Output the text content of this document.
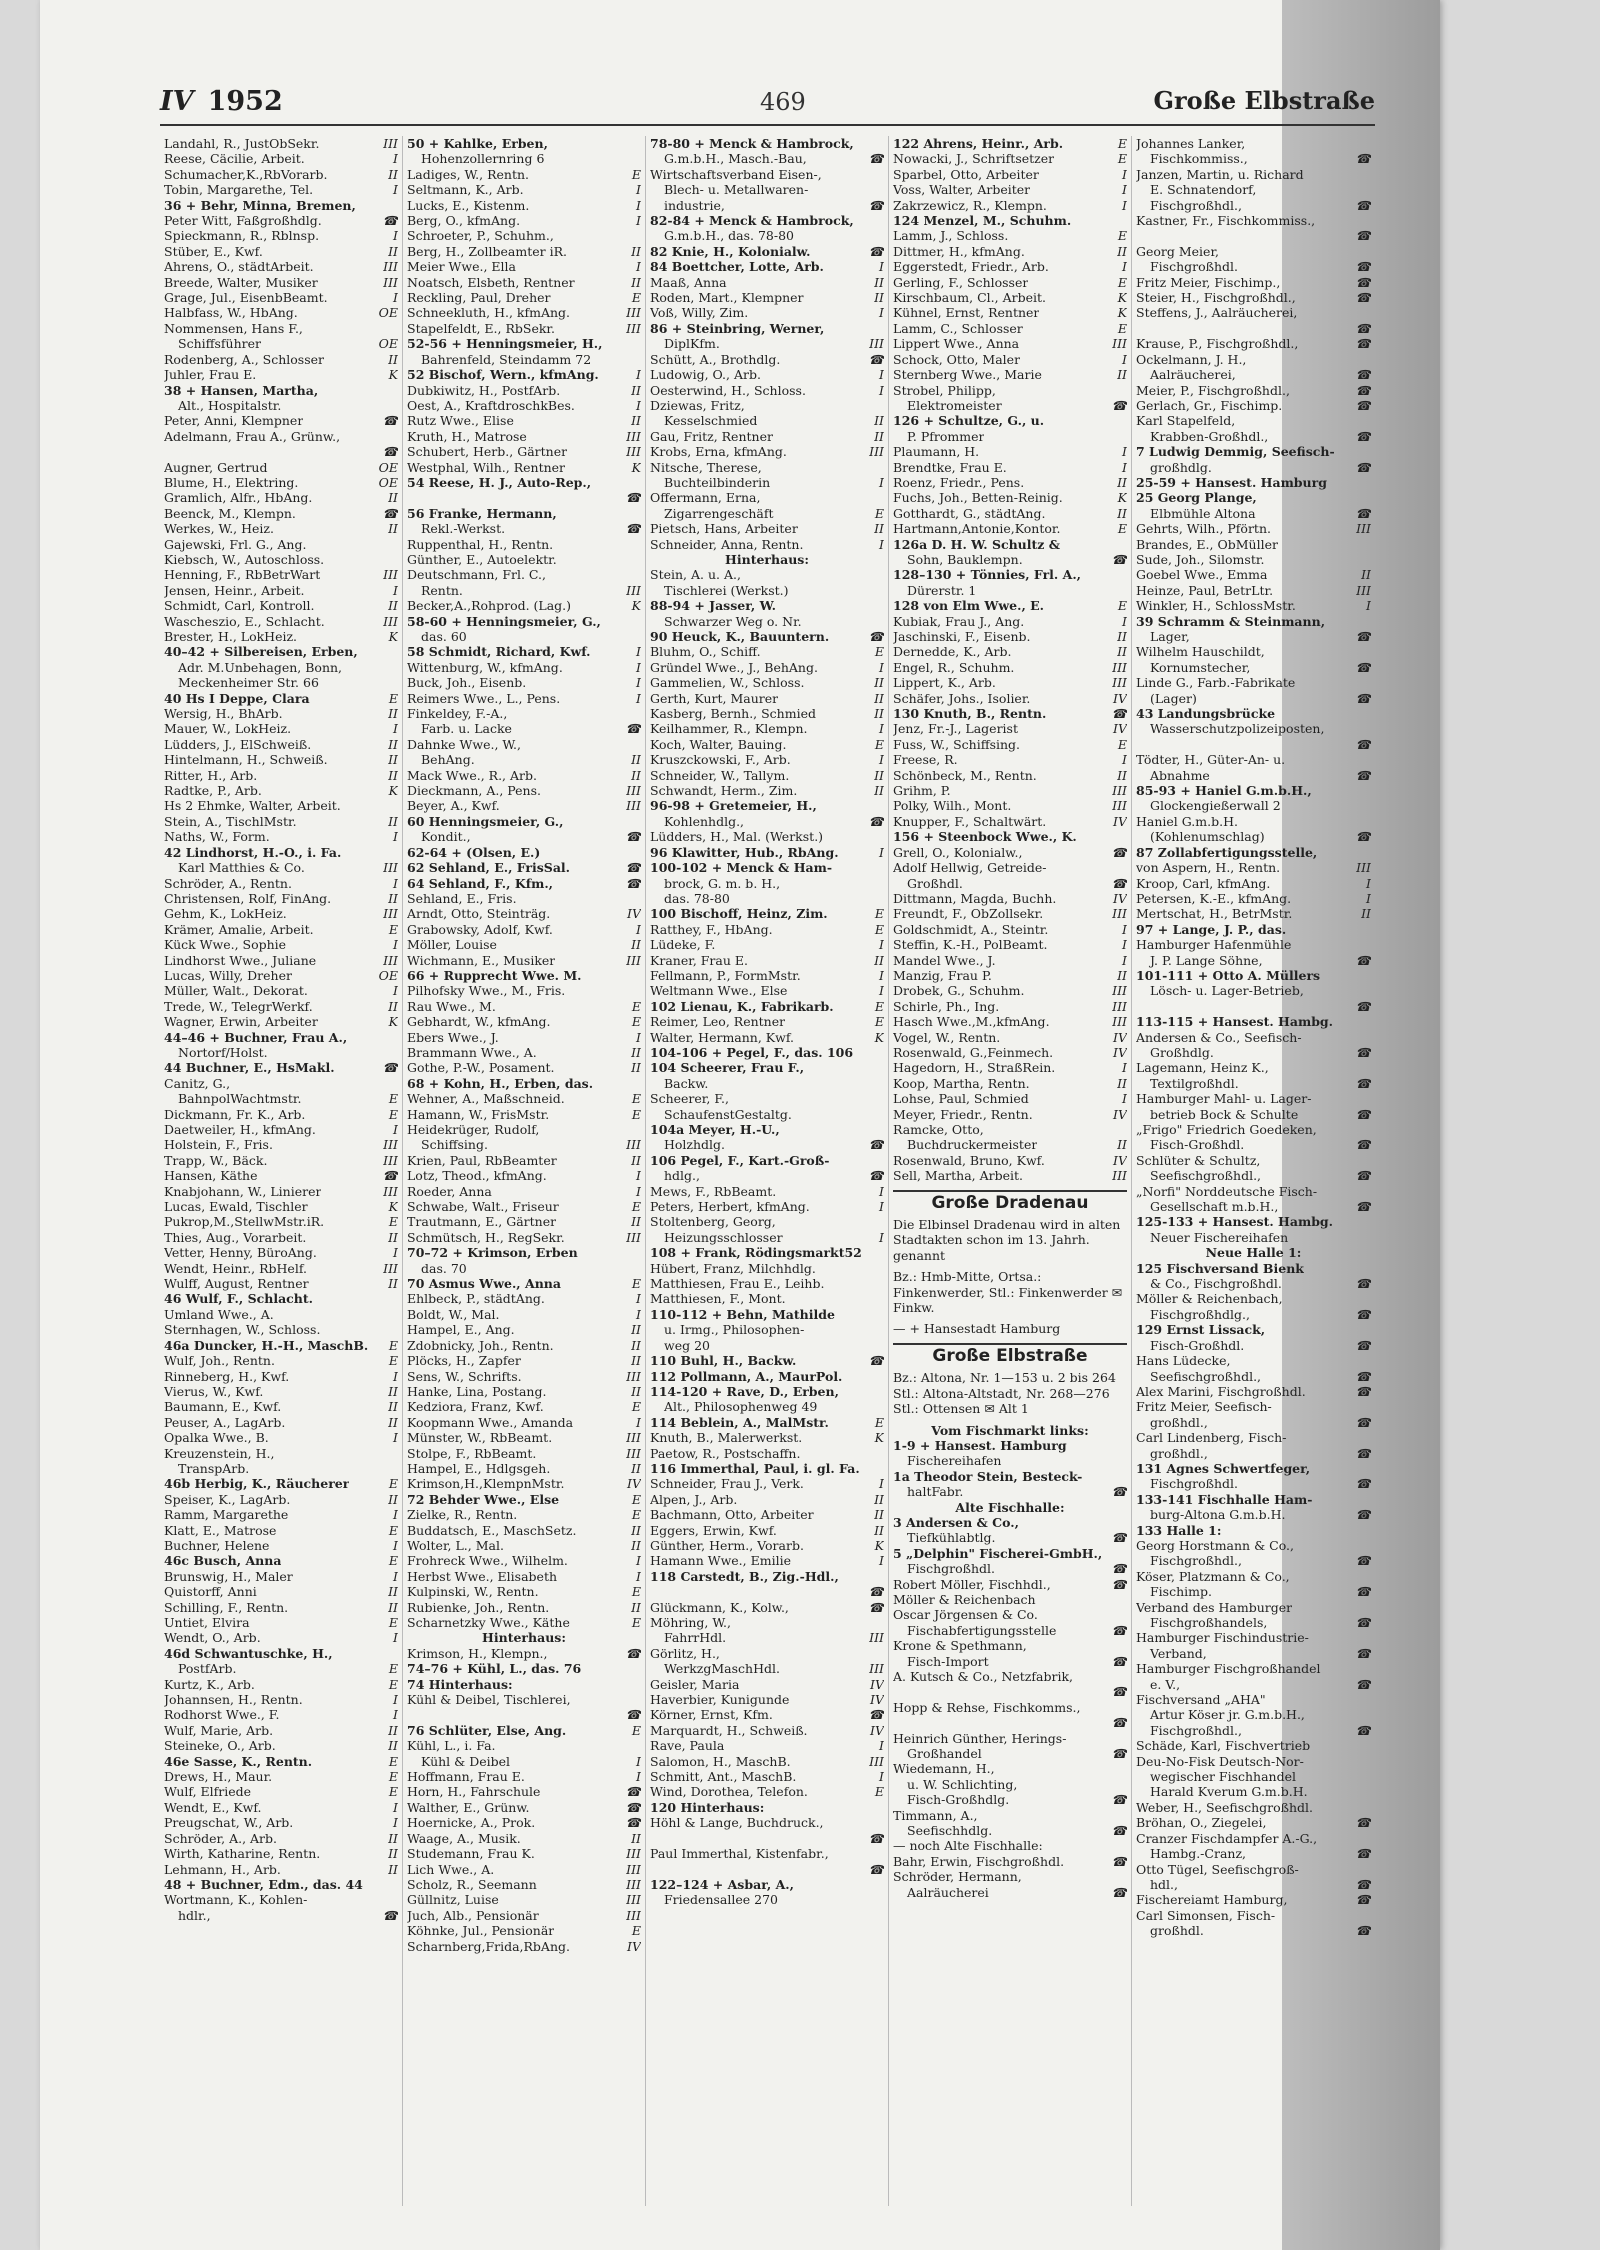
IV 1952	469	Große Elbstraße
Landahl, R., JustObSekr.	III
Reese, Cäcilie, Arbeit.	I
Schumacher,K.,RbVorarb.	II
Tobin, Margarethe, Tel.	I
36 + Behr, Minna, Bremen,
Peter Witt, Faßgroßhdlg.	☎
Spieckmann, R., Rblnsp.	I
Stüber, E., Kwf.	II
Ahrens, O., städtArbeit.	III
Breede, Walter, Musiker	III
Grage, Jul., EisenbBeamt.	I
Halbfass, W., HbAng.	OE
Nommensen, Hans F.,
Schiffsführer	OE
Rodenberg, A., Schlosser	II
Juhler, Frau E.	K
38 + Hansen, Martha,
Alt., Hospitalstr.
Peter, Anni, Klempner	☎
Adelmann, Frau A., Grünw.,
☎
Augner, Gertrud	OE
Blume, H., Elektring.	OE
Gramlich, Alfr., HbAng.	II
Beenck, M., Klempn.	☎
Werkes, W., Heiz.	II
Gajewski, Frl. G., Ang.
Kiebsch, W., Autoschloss.
Henning, F., RbBetrWart	III
Jensen, Heinr., Arbeit.	I
Schmidt, Carl, Kontroll.	II
Wascheszio, E., Schlacht.	III
Brester, H., LokHeiz.	K
40–42 + Silbereisen, Erben,
Adr. M.Unbehagen, Bonn,
Meckenheimer Str. 66
40 Hs I Deppe, Clara	E
Wersig, H., BhArb.	II
Mauer, W., LokHeiz.	I
Lüdders, J., ElSchweiß.	II
Hintelmann, H., Schweiß.	II
Ritter, H., Arb.	II
Radtke, P., Arb.	K
Hs 2 Ehmke, Walter, Arbeit.
Stein, A., TischlMstr.	II
Naths, W., Form.	I
42 Lindhorst, H.-O., i. Fa.
Karl Matthies & Co.	III
Schröder, A., Rentn.	I
Christensen, Rolf, FinAng.	II
Gehm, K., LokHeiz.	III
Krämer, Amalie, Arbeit.	E
Kück Wwe., Sophie	I
Lindhorst Wwe., Juliane	III
Lucas, Willy, Dreher	OE
Müller, Walt., Dekorat.	I
Trede, W., TelegrWerkf.	II
Wagner, Erwin, Arbeiter	K
44–46 + Buchner, Frau A.,
Nortorf/Holst.
44 Buchner, E., HsMakl.	☎
Canitz, G.,
BahnpolWachtmstr.	E
Dickmann, Fr. K., Arb.	E
Daetweiler, H., kfmAng.	I
Holstein, F., Fris.	III
Trapp, W., Bäck.	III
Hansen, Käthe	☎
Knabjohann, W., Linierer	III
Lucas, Ewald, Tischler	K
Pukrop,M.,StellwMstr.iR.	E
Thies, Aug., Vorarbeit.	II
Vetter, Henny, BüroAng.	I
Wendt, Heinr., RbHelf.	III
Wulff, August, Rentner	II
46 Wulf, F., Schlacht.
Umland Wwe., A.
Sternhagen, W., Schloss.
46a Duncker, H.-H., MaschB. E
Wulf, Joh., Rentn.	E
Rinneberg, H., Kwf.	I
Vierus, W., Kwf.	II
Baumann, E., Kwf.	II
Peuser, A., LagArb.	II
Opalka Wwe., B.	I
Kreuzenstein, H.,
TranspArb.
46b Herbig, K., Räucherer	E
Speiser, K., LagArb.	II
Ramm, Margarethe	I
Klatt, E., Matrose	E
Buchner, Helene	I
46c Busch, Anna	E
Brunswig, H., Maler	I
Quistorff, Anni	II
Schilling, F., Rentn.	II
Untiet, Elvira	E
Wendt, O., Arb.	I
46d Schwantuschke, H.,
PostfArb.	E
Kurtz, K., Arb.	E
Johannsen, H., Rentn.	I
Rodhorst Wwe., F.	I
Wulf, Marie, Arb.	II
Steineke, O., Arb.	II
46e Sasse, K., Rentn.	E
Drews, H., Maur.	E
Wulf, Elfriede	E
Wendt, E., Kwf.	I
Preugschat, W., Arb.	I
Schröder, A., Arb.	II
Wirth, Katharine, Rentn.	II
Lehmann, H., Arb.	II
48 + Buchner, Edm., das. 44
Wortmann, K., Kohlen-
hdlr.,	☎
50 + Kahlke, Erben,
Hohenzollernring 6
Ladiges, W., Rentn.	E
Seltmann, K., Arb.	I
Lucks, E., Kistenm.	I
Berg, O., kfmAng.	I
Schroeter, P., Schuhm.,
Berg, H., Zollbeamter iR.	II
Meier Wwe., Ella	I
Noatsch, Elsbeth, Rentner	II
Reckling, Paul, Dreher	E
Schneekluth, H., kfmAng.	III
Stapelfeldt, E., RbSekr.	III
52-56 + Henningsmeier, H.,
Bahrenfeld, Steindamm 72
52 Bischof, Wern., kfmAng.	I
Dubkiwitz, H., PostfArb.	II
Oest, A., KraftdroschkBes.	I
Rutz Wwe., Elise	II
Kruth, H., Matrose	III
Schubert, Herb., Gärtner	III
Westphal, Wilh., Rentner	K
54 Reese, H. J., Auto-Rep.,
☎
56 Franke, Hermann,
Rekl.-Werkst.	☎
Ruppenthal, H., Rentn.
Günther, E., Autoelektr.
Deutschmann, Frl. C.,
Rentn.	III
Becker,A.,Rohprod. (Lag.)	K
58-60 + Henningsmeier, G.,
das. 60
58 Schmidt, Richard, Kwf.	I
Wittenburg, W., kfmAng.	I
Buck, Joh., Eisenb.	I
Reimers Wwe., L., Pens.	I
Finkeldey, F.-A.,
Farb. u. Lacke	☎
Dahnke Wwe., W.,
BehAng.	II
Mack Wwe., R., Arb.	II
Dieckmann, A., Pens.	III
Beyer, A., Kwf.	III
60 Henningsmeier, G.,
Kondit.,	☎
62-64 + (Olsen, E.)
62 Sehland, E., FrisSal.	☎
64 Sehland, F., Kfm.,	☎
Sehland, E., Fris.
Arndt, Otto, Steinträg.	IV
Grabowsky, Adolf, Kwf.	I
Möller, Louise	II
Wichmann, E., Musiker	III
66 + Rupprecht Wwe. M.
Pilhofsky Wwe., M., Fris.
Rau Wwe., M.	E
Gebhardt, W., kfmAng.	E
Ebers Wwe., J.	I
Brammann Wwe., A.	II
Gothe, P.-W., Posament.	II
68 + Kohn, H., Erben, das.
Wehner, A., Maßschneid.	E
Hamann, W., FrisMstr.	E
Heidekrüger, Rudolf,
Schiffsing.	III
Krien, Paul, RbBeamter	II
Lotz, Theod., kfmAng.	I
Roeder, Anna	I
Schwabe, Walt., Friseur	E
Trautmann, E., Gärtner	II
Schmütsch, H., RegSekr.	III
70–72 + Krimson, Erben
das. 70
70 Asmus Wwe., Anna	E
Ehlbeck, P., städtAng.	I
Boldt, W., Mal.	I
Hampel, E., Ang.	II
Zdobnicky, Joh., Rentn.	II
Plöcks, H., Zapfer	II
Sens, W., Schrifts.	III
Hanke, Lina, Postang.	II
Kedziora, Franz, Kwf.	E
Koopmann Wwe., Amanda	I
Münster, W., RbBeamt.	III
Stolpe, F., RbBeamt.	III
Hampel, E., Hdlgsgeh.	II
Krimson,H.,KlempnMstr.	IV
72 Behder Wwe., Else	E
Zielke, R., Rentn.	E
Buddatsch, E., MaschSetz.	II
Wolter, L., Mal.	II
Frohreck Wwe., Wilhelm.	I
Herbst Wwe., Elisabeth	I
Kulpinski, W., Rentn.	E
Rubienke, Joh., Rentn.	II
Scharnetzky Wwe., Käthe	E
Hinterhaus:
Krimson, H., Klempn.,	☎
74–76 + Kühl, L., das. 76
74 Hinterhaus:
Kühl & Deibel, Tischlerei,
☎
76 Schlüter, Else, Ang.	E
Kühl, L., i. Fa.
Kühl & Deibel	I
Hoffmann, Frau E.	I
Horn, H., Fahrschule	☎
Walther, E., Grünw.	☎
Hoernicke, A., Prok.	☎
Waage, A., Musik.	II
Studemann, Frau K.	III
Lich Wwe., A.	III
Scholz, R., Seemann	III
Güllnitz, Luise	III
Juch, Alb., Pensionär	III
Köhnke, Jul., Pensionär	E
Scharnberg,Frida,RbAng.	IV
78-80 + Menck & Hambrock,
G.m.b.H., Masch.-Bau,	☎
Wirtschaftsverband Eisen-,
Blech- u. Metallwaren-
industrie,	☎
82-84 + Menck & Hambrock,
G.m.b.H., das. 78-80
82 Knie, H., Kolonialw.	☎
84 Boettcher, Lotte, Arb.	I
Maaß, Anna	II
Roden, Mart., Klempner	II
Voß, Willy, Zim.	I
86 + Steinbring, Werner,
DiplKfm.	III
Schütt, A., Brothdlg.	☎
Ludowig, O., Arb.	I
Oesterwind, H., Schloss.	I
Dziewas, Fritz,
Kesselschmied	II
Gau, Fritz, Rentner	II
Krobs, Erna, kfmAng.	III
Nitsche, Therese,
Buchteilbinderin	I
Offermann, Erna,
Zigarrengeschäft	E
Pietsch, Hans, Arbeiter	II
Schneider, Anna, Rentn.	I
Hinterhaus:
Stein, A. u. A.,
Tischlerei (Werkst.)
88-94 + Jasser, W.
Schwarzer Weg o. Nr.
90 Heuck, K., Bauuntern.	☎
Bluhm, O., Schiff.	E
Gründel Wwe., J., BehAng.	I
Gammelien, W., Schloss.	II
Gerth, Kurt, Maurer	II
Kasberg, Bernh., Schmied	II
Keilhammer, R., Klempn.	I
Koch, Walter, Bauing.	E
Kruszckowski, F., Arb.	I
Schneider, W., Tallym.	II
Schwandt, Herm., Zim.	II
96-98 + Gretemeier, H.,
Kohlenhdlg.,	☎
Lüdders, H., Mal. (Werkst.)
96 Klawitter, Hub., RbAng.	I
100-102 + Menck & Ham-
brock, G. m. b. H.,
das. 78-80
100 Bischoff, Heinz, Zim.	E
Ratthey, F., HbAng.	E
Lüdeke, F.	I
Kraner, Frau E.	II
Fellmann, P., FormMstr.	I
Weltmann Wwe., Else	I
102 Lienau, K., Fabrikarb.	E
Reimer, Leo, Rentner	E
Walter, Hermann, Kwf.	K
104-106 + Pegel, F., das. 106
104 Scheerer, Frau F.,
Backw.
Scheerer, F.,
SchaufenstGestaltg.
104a Meyer, H.-U.,
Holzhdlg.	☎
106 Pegel, F., Kart.-Groß-
hdlg.,	☎
Mews, F., RbBeamt.	I
Peters, Herbert, kfmAng.	I
Stoltenberg, Georg,
Heizungsschlosser	I
108 + Frank, Rödingsmarkt52
Hübert, Franz, Milchhdlg.
Matthiesen, Frau E., Leihb.
Matthiesen, F., Mont.
110-112 + Behn, Mathilde
u. Irmg., Philosophen-
weg 20
110 Buhl, H., Backw.	☎
112 Pollmann, A., MaurPol.
114-120 + Rave, D., Erben,
Alt., Philosophenweg 49
114 Beblein, A., MalMstr.	E
Knuth, B., Malerwerkst.	K
Paetow, R., Postschaffn.
116 Immerthal, Paul, i. gl. Fa.
Schneider, Frau J., Verk.	I
Alpen, J., Arb.	II
Bachmann, Otto, Arbeiter	II
Eggers, Erwin, Kwf.	II
Günther, Herm., Vorarb.	K
Hamann Wwe., Emilie	I
118 Carstedt, B., Zig.-Hdl.,
☎
Glückmann, K., Kolw.,	☎
Möhring, W.,
FahrrHdl.	III
Görlitz, H.,
WerkzgMaschHdl.	III
Geisler, Maria	IV
Haverbier, Kunigunde	IV
Körner, Ernst, Kfm.	☎
Marquardt, H., Schweiß.	IV
Rave, Paula	I
Salomon, H., MaschB.	III
Schmitt, Ant., MaschB.	I
Wind, Dorothea, Telefon.	E
120 Hinterhaus:
Höhl & Lange, Buchdruck.,
☎
Paul Immerthal, Kistenfabr.,
☎
122–124 + Asbar, A.,
Friedensallee 270
122 Ahrens, Heinr., Arb.	E
Nowacki, J., Schriftsetzer	E
Sparbel, Otto, Arbeiter	I
Voss, Walter, Arbeiter	I
Zakrzewicz, R., Klempn.	I
124 Menzel, M., Schuhm.
Lamm, J., Schloss.	E
Dittmer, H., kfmAng.	II
Eggerstedt, Friedr., Arb.	I
Gerling, F., Schlosser	E
Kirschbaum, Cl., Arbeit.	K
Kühnel, Ernst, Rentner	K
Lamm, C., Schlosser	E
Lippert Wwe., Anna	III
Schock, Otto, Maler	I
Sternberg Wwe., Marie	II
Strobel, Philipp,
Elektromeister	☎
126 + Schultze, G., u.
P. Pfrommer
Plaumann, H.	I
Brendtke, Frau E.	I
Roenz, Friedr., Pens.	II
Fuchs, Joh., Betten-Reinig.	K
Gotthardt, G., städtAng.	II
Hartmann,Antonie,Kontor.	E
126a D. H. W. Schultz &
Sohn, Bauklempn.	☎
128–130 + Tönnies, Frl. A.,
Dürerstr. 1
128 von Elm Wwe., E.	E
Kubiak, Frau J., Ang.	I
Jaschinski, F., Eisenb.	II
Dernedde, K., Arb.	II
Engel, R., Schuhm.	III
Lippert, K., Arb.	III
Schäfer, Johs., Isolier.	IV
130 Knuth, B., Rentn.	☎
Jenz, Fr.-J., Lagerist	IV
Fuss, W., Schiffsing.	E
Freese, R.	I
Schönbeck, M., Rentn.	II
Grihm, P.	III
Polky, Wilh., Mont.	III
Knupper, F., Schaltwärt.	IV
156 + Steenbock Wwe., K.
Grell, O., Kolonialw.,	☎
Adolf Hellwig, Getreide-
Großhdl.	☎
Dittmann, Magda, Buchh.	IV
Freundt, F., ObZollsekr.	III
Goldschmidt, A., Steintr.	I
Steffin, K.-H., PolBeamt.	I
Mandel Wwe., J.	I
Manzig, Frau P.	II
Drobek, G., Schuhm.	III
Schirle, Ph., Ing.	III
Hasch Wwe.,M.,kfmAng.	III
Vogel, W., Rentn.	IV
Rosenwald, G.,Feinmech.	IV
Hagedorn, H., StraßRein.	I
Koop, Martha, Rentn.	II
Lohse, Paul, Schmied	I
Meyer, Friedr., Rentn.	IV
Ramcke, Otto,
Buchdruckermeister	II
Rosenwald, Bruno, Kwf.	IV
Sell, Martha, Arbeit.	III
Große Dradenau
Die Elbinsel Dradenau wird in alten Stadtakten schon im 13. Jahrh. genannt
Bz.: Hmb-Mitte, Ortsa.: Finkenwerder, Stl.: Finkenwerder ✉ Finkw.
— + Hansestadt Hamburg
Große Elbstraße
Bz.: Altona, Nr. 1—153 u. 2 bis 264 Stl.: Altona-Altstadt, Nr. 268—276 Stl.: Ottensen ✉ Alt 1
Vom Fischmarkt links:
1-9 + Hansest. Hamburg
Fischereihafen
1a Theodor Stein, Besteck-
haltFabr.	☎
Alte Fischhalle:
3 Andersen & Co.,
Tiefkühlabtlg.	☎
5 „Delphin" Fischerei-GmbH.,
Fischgroßhdl.	☎
Robert Möller, Fischhdl.,	☎
Möller & Reichenbach
Oscar Jörgensen & Co.
Fischabfertigungsstelle	☎
Krone & Spethmann,
Fisch-Import	☎
A. Kutsch & Co., Netzfabrik,
☎
Hopp & Rehse, Fischkomms.,
☎
Heinrich Günther, Herings-
Großhandel	☎
Wiedemann, H.,
u. W. Schlichting,
Fisch-Großhdlg.	☎
Timmann, A.,
Seefischhdlg.	☎
— noch Alte Fischhalle:
Bahr, Erwin, Fischgroßhdl.	☎
Schröder, Hermann,
Aalräucherei	☎
Johannes Lanker,
Fischkommiss.,	☎
Janzen, Martin, u. Richard
E. Schnatendorf,
Fischgroßhdl.,	☎
Kastner, Fr., Fischkommiss.,
☎
Georg Meier,
Fischgroßhdl.	☎
Fritz Meier, Fischimp.,	☎
Steier, H., Fischgroßhdl.,	☎
Steffens, J., Aalräucherei,
☎
Krause, P., Fischgroßhdl.,	☎
Ockelmann, J. H.,
Aalräucherei,	☎
Meier, P., Fischgroßhdl.,	☎
Gerlach, Gr., Fischimp.	☎
Karl Stapelfeld,
Krabben-Großhdl.,	☎
7 Ludwig Demmig, Seefisch-
großhdlg.	☎
25-59 + Hansest. Hamburg
25 Georg Plange,
Elbmühle Altona	☎
Gehrts, Wilh., Pförtn.	III
Brandes, E., ObMüller
Sude, Joh., Silomstr.
Goebel Wwe., Emma	II
Heinze, Paul, BetrLtr.	III
Winkler, H., SchlossMstr.	I
39 Schramm & Steinmann,
Lager,	☎
Wilhelm Hauschildt,
Kornumstecher,	☎
Linde G., Farb.-Fabrikate
(Lager)	☎
43 Landungsbrücke
Wasserschutzpolizeiposten,
☎
Tödter, H., Güter-An- u.
Abnahme	☎
85-93 + Haniel G.m.b.H.,
Glockengießerwall 2
Haniel G.m.b.H.
(Kohlenumschlag)	☎
87 Zollabfertigungsstelle,
von Aspern, H., Rentn.	III
Kroop, Carl, kfmAng.	I
Petersen, K.-E., kfmAng.	I
Mertschat, H., BetrMstr.	II
97 + Lange, J. P., das.
Hamburger Hafenmühle
J. P. Lange Söhne,	☎
101-111 + Otto A. Müllers
Lösch- u. Lager-Betrieb,
☎
113-115 + Hansest. Hambg.
Andersen & Co., Seefisch-
Großhdlg.	☎
Lagemann, Heinz K.,
Textilgroßhdl.	☎
Hamburger Mahl- u. Lager-
betrieb Bock & Schulte	☎
„Frigo" Friedrich Goedeken,
Fisch-Großhdl.	☎
Schlüter & Schultz,
Seefischgroßhdl.,	☎
„Norfi" Norddeutsche Fisch-
Gesellschaft m.b.H.,	☎
125-133 + Hansest. Hambg.
Neuer Fischereihafen
Neue Halle 1:
125 Fischversand Bienk
& Co., Fischgroßhdl.	☎
Möller & Reichenbach,
Fischgroßhdlg.,	☎
129 Ernst Lissack,
Fisch-Großhdl.	☎
Hans Lüdecke,
Seefischgroßhdl.,	☎
Alex Marini, Fischgroßhdl.	☎
Fritz Meier, Seefisch-
großhdl.,	☎
Carl Lindenberg, Fisch-
großhdl.,	☎
131 Agnes Schwertfeger,
Fischgroßhdl.	☎
133-141 Fischhalle Ham-
burg-Altona G.m.b.H.	☎
133 Halle 1:
Georg Horstmann & Co.,
Fischgroßhdl.,	☎
Köser, Platzmann & Co.,
Fischimp.	☎
Verband des Hamburger
Fischgroßhandels,	☎
Hamburger Fischindustrie-
Verband,	☎
Hamburger Fischgroßhandel
e. V.,	☎
Fischversand „AHA"
Artur Köser jr. G.m.b.H.,
Fischgroßhdl.,	☎
Schäde, Karl, Fischvertrieb
Deu-No-Fisk Deutsch-Nor-
wegischer Fischhandel
Harald Kverum G.m.b.H.
Weber, H., Seefischgroßhdl.
Bröhan, O., Ziegelei,	☎
Cranzer Fischdampfer A.-G.,
Hambg.-Cranz,	☎
Otto Tügel, Seefischgroß-
hdl.,	☎
Fischereiamt Hamburg,	☎
Carl Simonsen, Fisch-
großhdl.	☎
